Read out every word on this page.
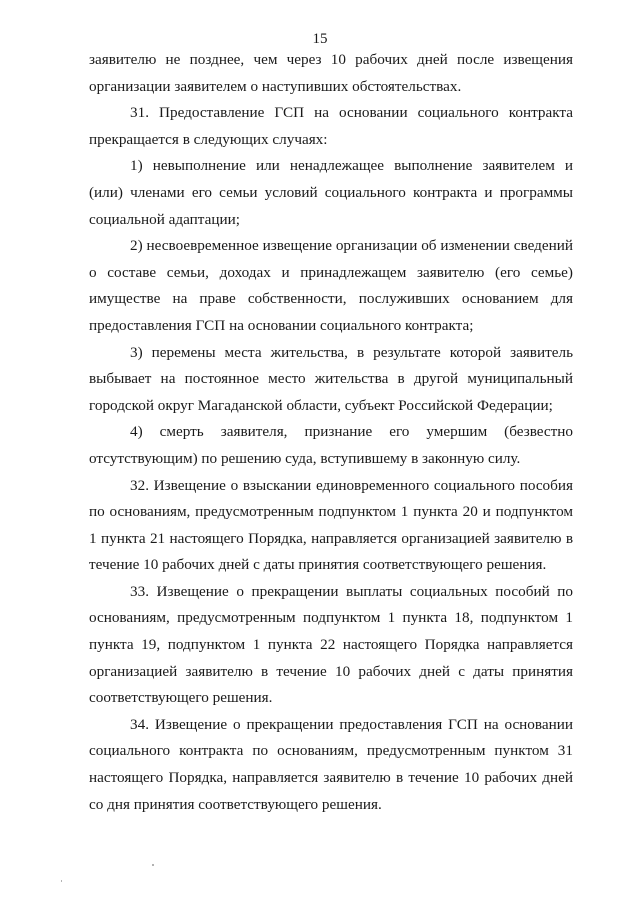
15

заявителю не позднее, чем через 10 рабочих дней после извещения организации заявителем о наступивших обстоятельствах.

31. Предоставление ГСП на основании социального контракта прекращается в следующих случаях:

1) невыполнение или ненадлежащее выполнение заявителем и (или) членами его семьи условий социального контракта и программы социальной адаптации;

2) несвоевременное извещение организации об изменении сведений о составе семьи, доходах и принадлежащем заявителю (его семье) имуществе на праве собственности, послуживших основанием для предоставления ГСП на основании социального контракта;

3) перемены места жительства, в результате которой заявитель выбывает на постоянное место жительства в другой муниципальный городской округ Магаданской области, субъект Российской Федерации;

4) смерть заявителя, признание его умершим (безвестно отсутствующим) по решению суда, вступившему в законную силу.

32. Извещение о взыскании единовременного социального пособия по основаниям, предусмотренным подпунктом 1 пункта 20 и подпунктом 1 пункта 21 настоящего Порядка, направляется организацией заявителю в течение 10 рабочих дней с даты принятия соответствующего решения.

33. Извещение о прекращении выплаты социальных пособий по основаниям, предусмотренным подпунктом 1 пункта 18, подпунктом 1 пункта 19, подпунктом 1 пункта 22 настоящего Порядка направляется организацией заявителю в течение 10 рабочих дней с даты принятия соответствующего решения.

34. Извещение о прекращении предоставления ГСП на основании социального контракта по основаниям, предусмотренным пунктом 31 настоящего Порядка, направляется заявителю в течение 10 рабочих дней со дня принятия соответствующего решения.
